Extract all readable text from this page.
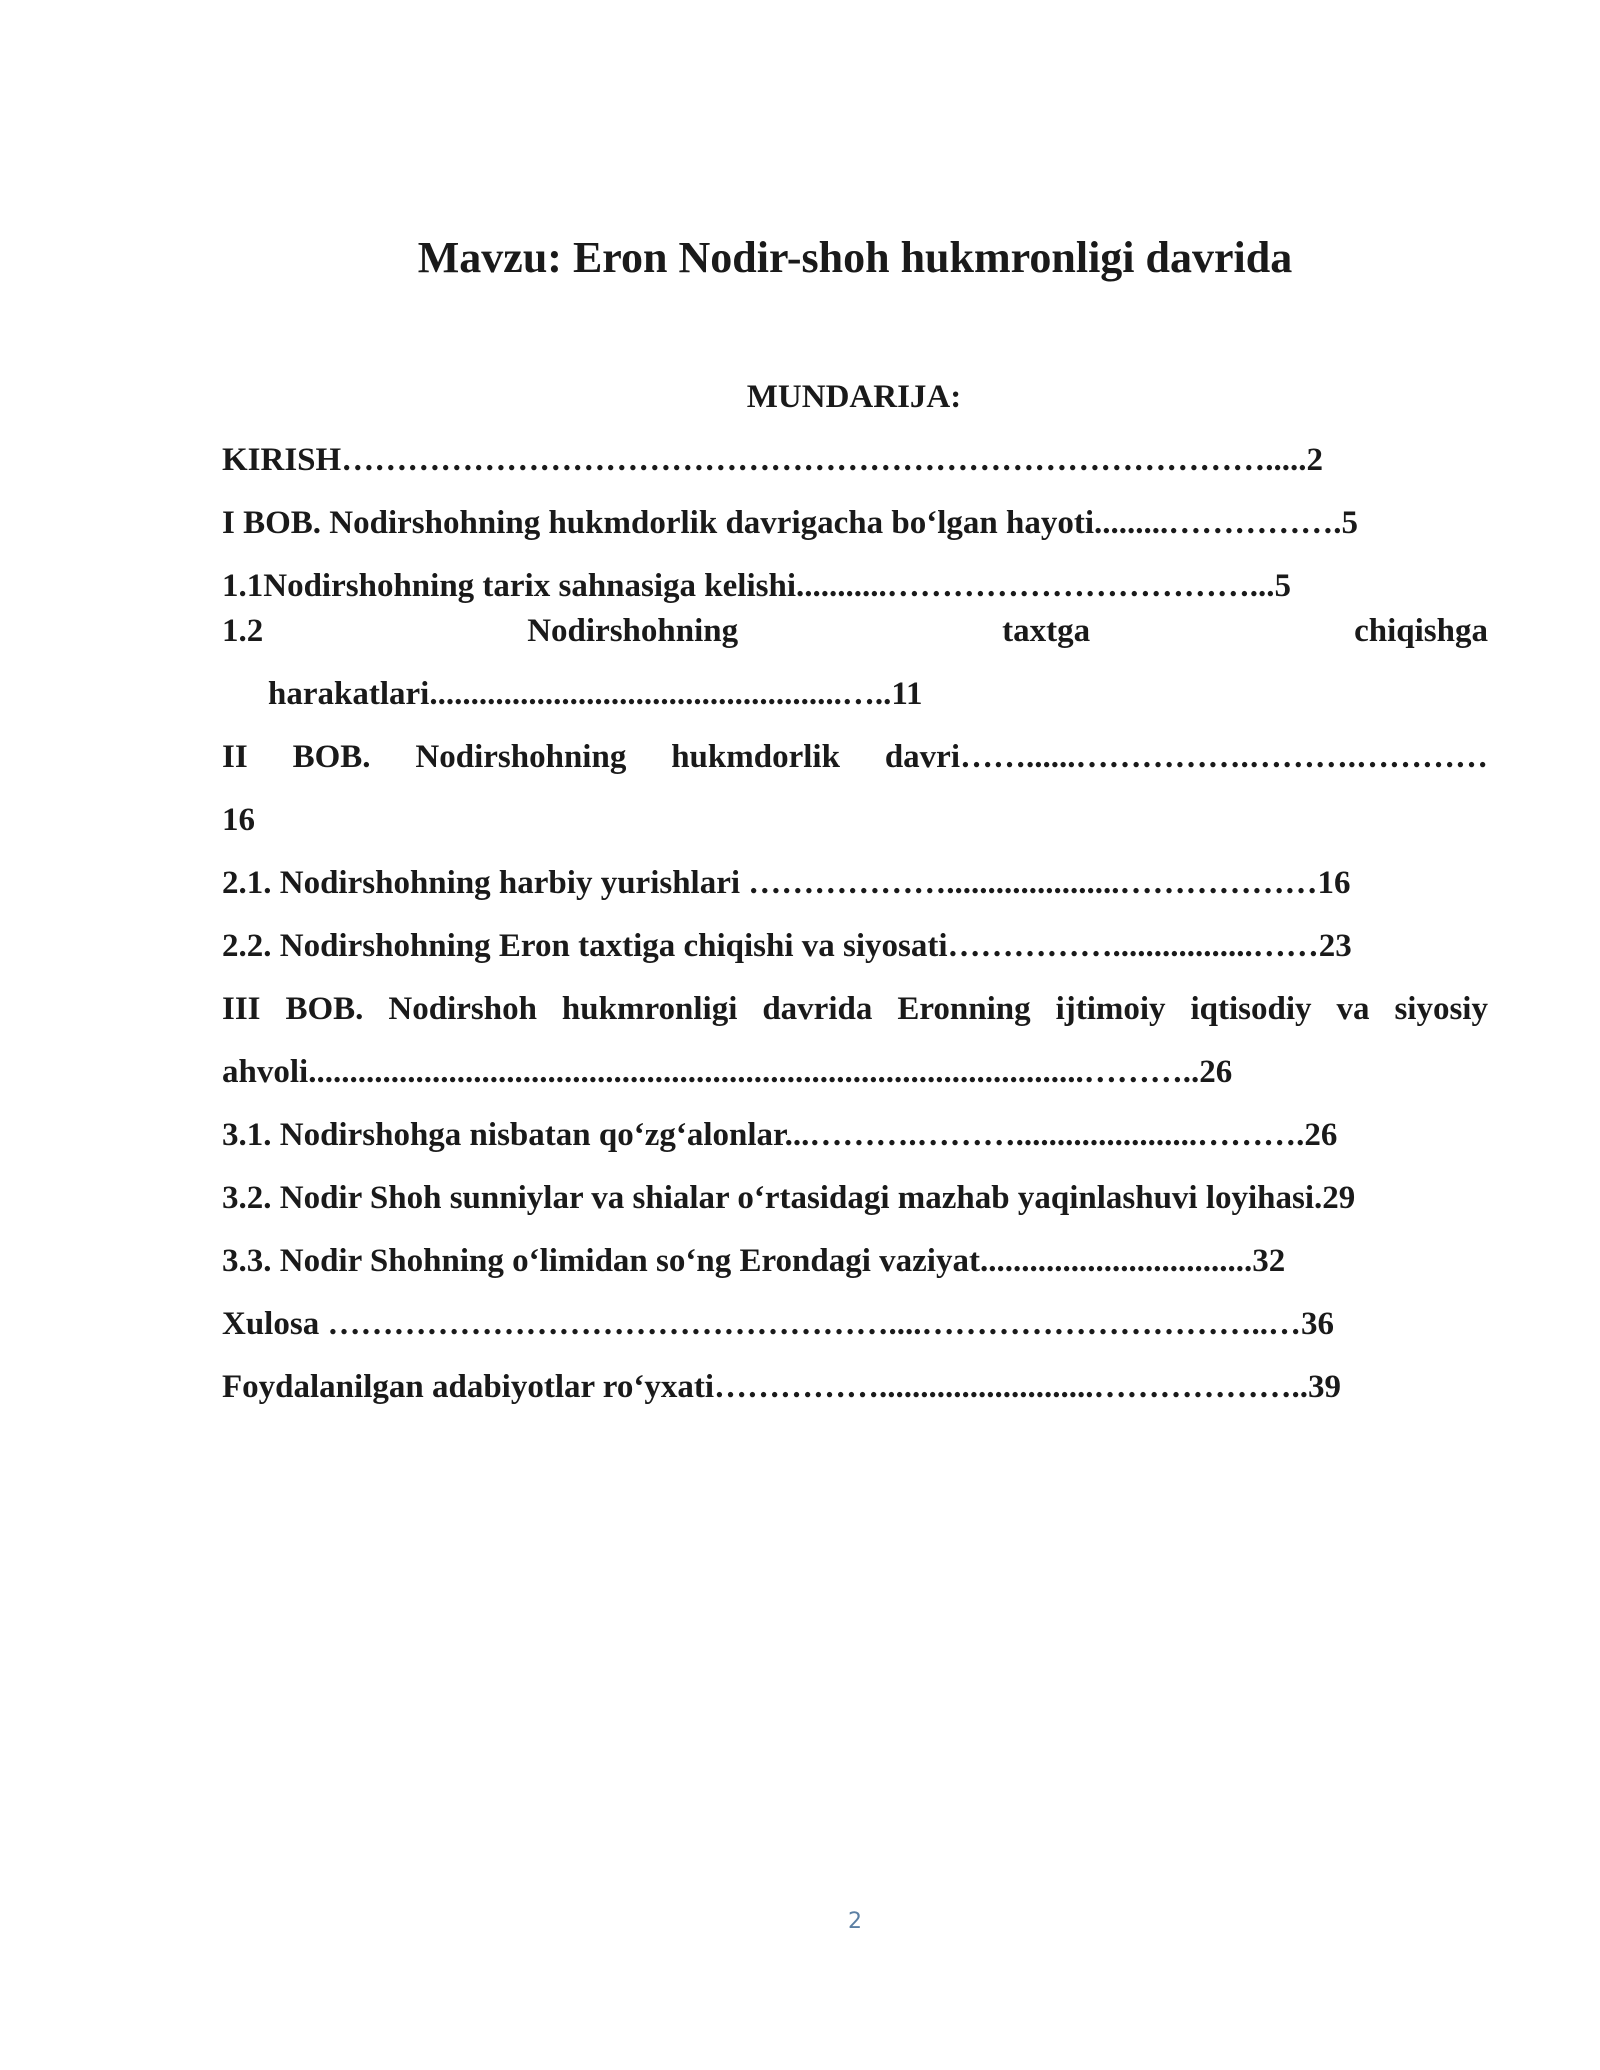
Mavzu: Eron Nodir-shoh hukmronligi davrida
MUNDARIJA:
KIRISH………………………………………………………………………….....2
I BOB. Nodirshohning hukmdorlik davrigacha bo‘lgan hayoti.........…………….5
1.1Nodirshohning tarix sahnasiga kelishi...........……………………………...5
1.2	Nodirshohning	taxtga	chiqishga
harakatlari..................................................…..11
II BOB. Nodirshohning hukmdorlik davri……......…………….……….…………
16
2.1. Nodirshohning harbiy yurishlari ……………….....................………………16
2.2. Nodirshohning Eron taxtiga chiqishi va siyosati…………….................……23
III BOB. Nodirshoh hukmronligi davrida Eronning ijtimoiy iqtisodiy va siyosiy
ahvoli..............................................................................................………..26
3.1. Nodirshohga nisbatan qo‘zg‘alonlar...……….………......................……….26
3.2. Nodir Shoh sunniylar va shialar o‘rtasidagi mazhab yaqinlashuvi loyihasi.29
3.3. Nodir Shohning o‘limidan so‘ng Erondagi vaziyat.................................32
Xulosa ……………………………………………....…………………………..…36
Foydalanilgan adabiyotlar ro‘yxati……………..........................………………..39
2
